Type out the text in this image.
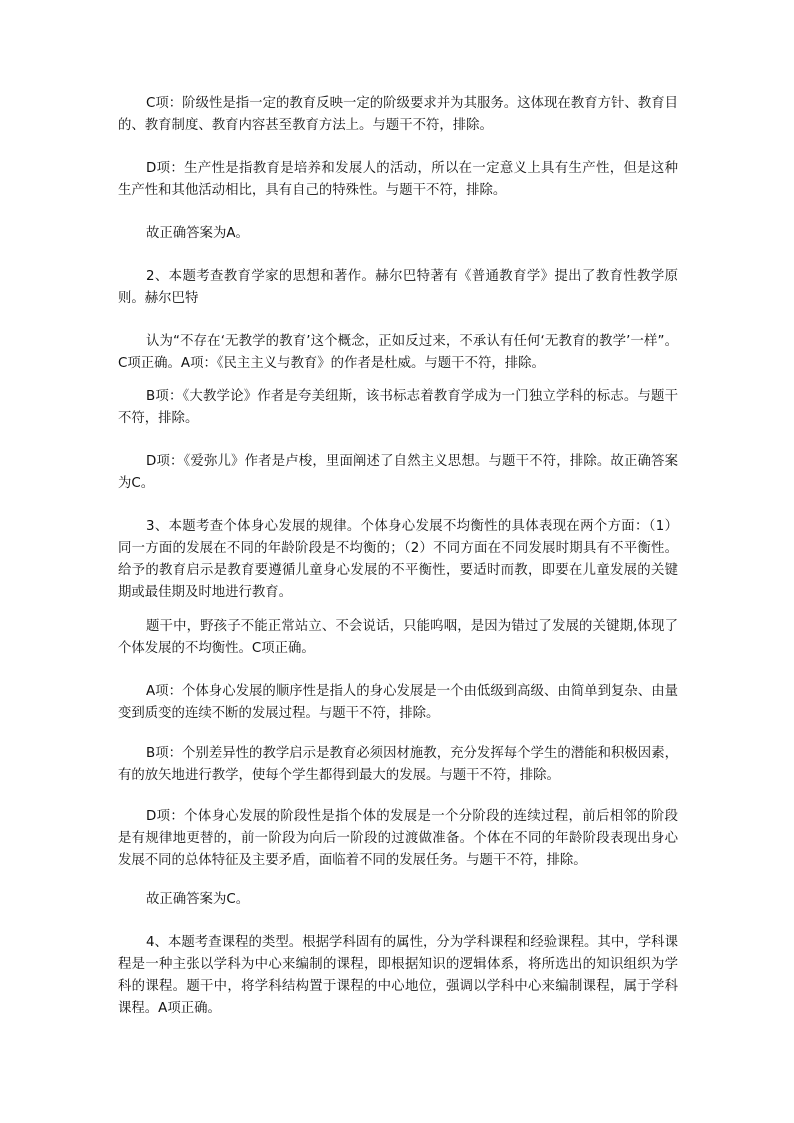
C项：阶级性是指一定的教育反映一定的阶级要求并为其服务。这体现在教育方针、教育目的、教育制度、教育内容甚至教育方法上。与题干不符，排除。

D项：生产性是指教育是培养和发展人的活动，所以在一定意义上具有生产性，但是这种生产性和其他活动相比，具有自己的特殊性。与题干不符，排除。

故正确答案为A。

2、本题考查教育学家的思想和著作。赫尔巴特著有《普通教育学》提出了教育性教学原则。赫尔巴特

认为“不存在‘无教学的教育’这个概念，正如反过来，不承认有任何‘无教育的教学’一样”。C项正确。A项：《民主主义与教育》的作者是杜威。与题干不符，排除。

B项：《大教学论》作者是夸美纽斯，该书标志着教育学成为一门独立学科的标志。与题干不符，排除。

D项：《爱弥儿》作者是卢梭，里面阐述了自然主义思想。与题干不符，排除。故正确答案为C。

3、本题考查个体身心发展的规律。个体身心发展不均衡性的具体表现在两个方面：（1）同一方面的发展在不同的年龄阶段是不均衡的；（2）不同方面在不同发展时期具有不平衡性。给予的教育启示是教育要遵循儿童身心发展的不平衡性，要适时而教，即要在儿童发展的关键期或最佳期及时地进行教育。

题干中，野孩子不能正常站立、不会说话，只能呜咽，是因为错过了发展的关键期,体现了个体发展的不均衡性。C项正确。

A项：个体身心发展的顺序性是指人的身心发展是一个由低级到高级、由简单到复杂、由量变到质变的连续不断的发展过程。与题干不符，排除。

B项：个别差异性的教学启示是教育必须因材施教，充分发挥每个学生的潜能和积极因素，有的放矢地进行教学，使每个学生都得到最大的发展。与题干不符，排除。

D项：个体身心发展的阶段性是指个体的发展是一个分阶段的连续过程，前后相邻的阶段是有规律地更替的，前一阶段为向后一阶段的过渡做准备。个体在不同的年龄阶段表现出身心发展不同的总体特征及主要矛盾，面临着不同的发展任务。与题干不符，排除。

故正确答案为C。

4、本题考查课程的类型。根据学科固有的属性，分为学科课程和经验课程。其中，学科课程是一种主张以学科为中心来编制的课程，即根据知识的逻辑体系，将所选出的知识组织为学科的课程。题干中，将学科结构置于课程的中心地位，强调以学科中心来编制课程，属于学科课程。A项正确。
